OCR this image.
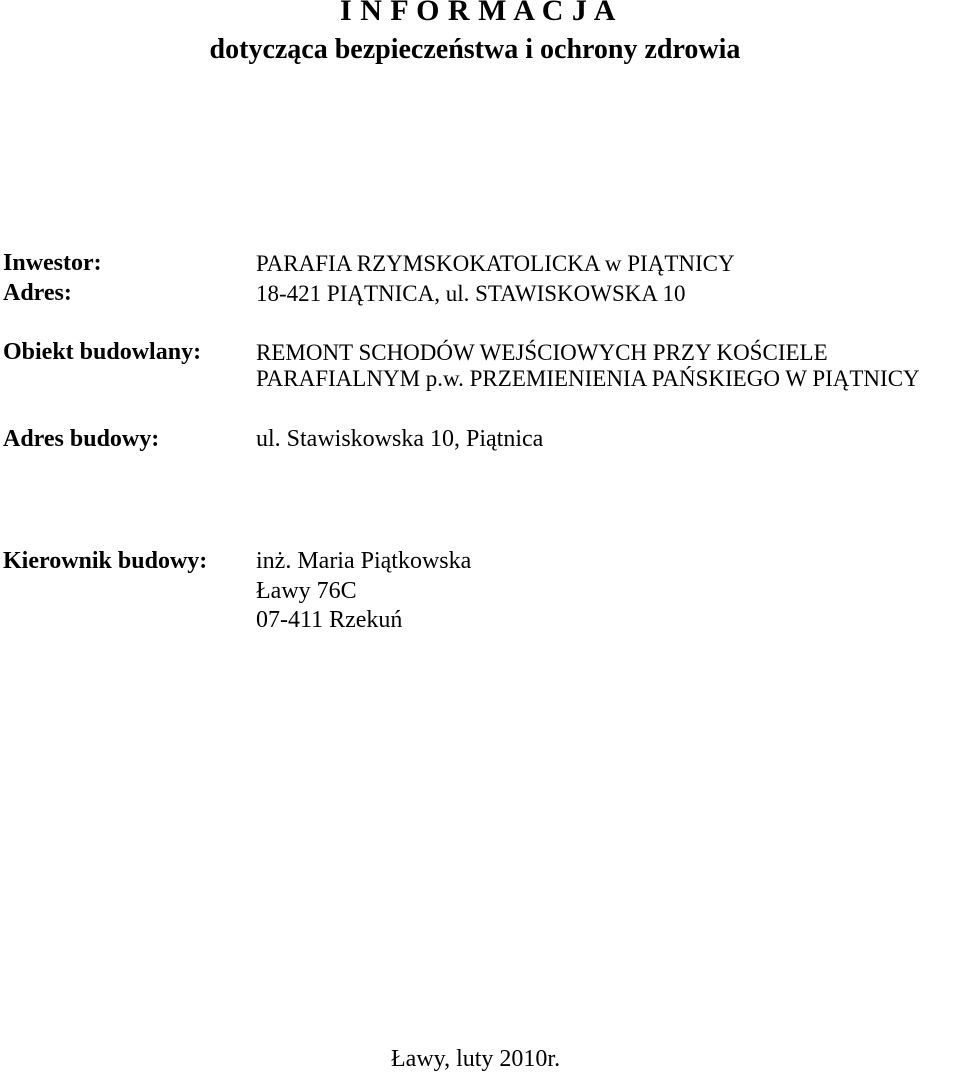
I N F O R M A C J A
dotycząca bezpieczeństwa i ochrony zdrowia
Inwestor:	PARAFIA RZYMSKOKATOLICKA w PIĄTNICY
Adres:	18-421 PIĄTNICA, ul. STAWISKOWSKA 10
Obiekt budowlany: REMONT SCHODÓW WEJŚCIOWYCH PRZY KOŚCIELE
PARAFIALNYM p.w. PRZEMIENIENIA PAŃSKIEGO W PIĄTNICY
Adres budowy:	ul. Stawiskowska 10, Piątnica
Kierownik budowy: inż. Maria Piątkowska
Ławy 76C
07-411 Rzekuń
Ławy, luty 2010r.
